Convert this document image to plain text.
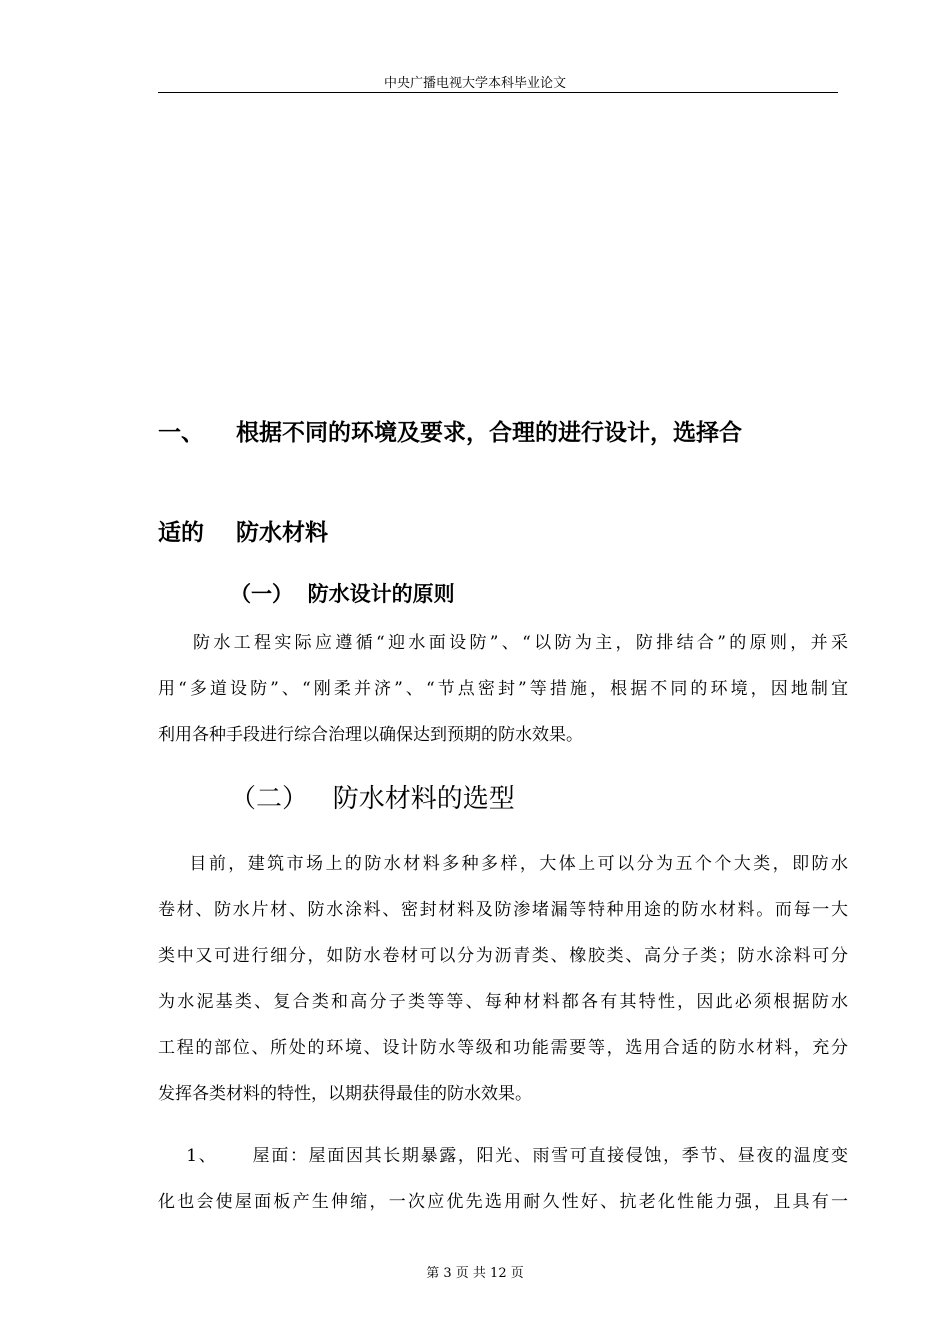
中央广播电视大学本科毕业论文
一、    根据不同的环境及要求，合理的进行设计，选择合
适的    防水材料
（一）  防水设计的原则
防水工程实际应遵循“迎水面设防”、“以防为主，防排结合”的原则，并采
用“多道设防”、“刚柔并济”、“节点密封”等措施，根据不同的环境，因地制宜
利用各种手段进行综合治理以确保达到预期的防水效果。
（二）   防水材料的选型
目前，建筑市场上的防水材料多种多样，大体上可以分为五个个大类，即防水
卷材、防水片材、防水涂料、密封材料及防渗堵漏等特种用途的防水材料。而每一大
类中又可进行细分，如防水卷材可以分为沥青类、橡胶类、高分子类；防水涂料可分
为水泥基类、复合类和高分子类等等、每种材料都各有其特性，因此必须根据防水
工程的部位、所处的环境、设计防水等级和功能需要等，选用合适的防水材料，充分
发挥各类材料的特性，以期获得最佳的防水效果。
1、     屋面：屋面因其长期暴露，阳光、雨雪可直接侵蚀，季节、昼夜的温度变
化也会使屋面板产生伸缩，一次应优先选用耐久性好、抗老化性能力强，且具有一
第 3 页 共 12 页
